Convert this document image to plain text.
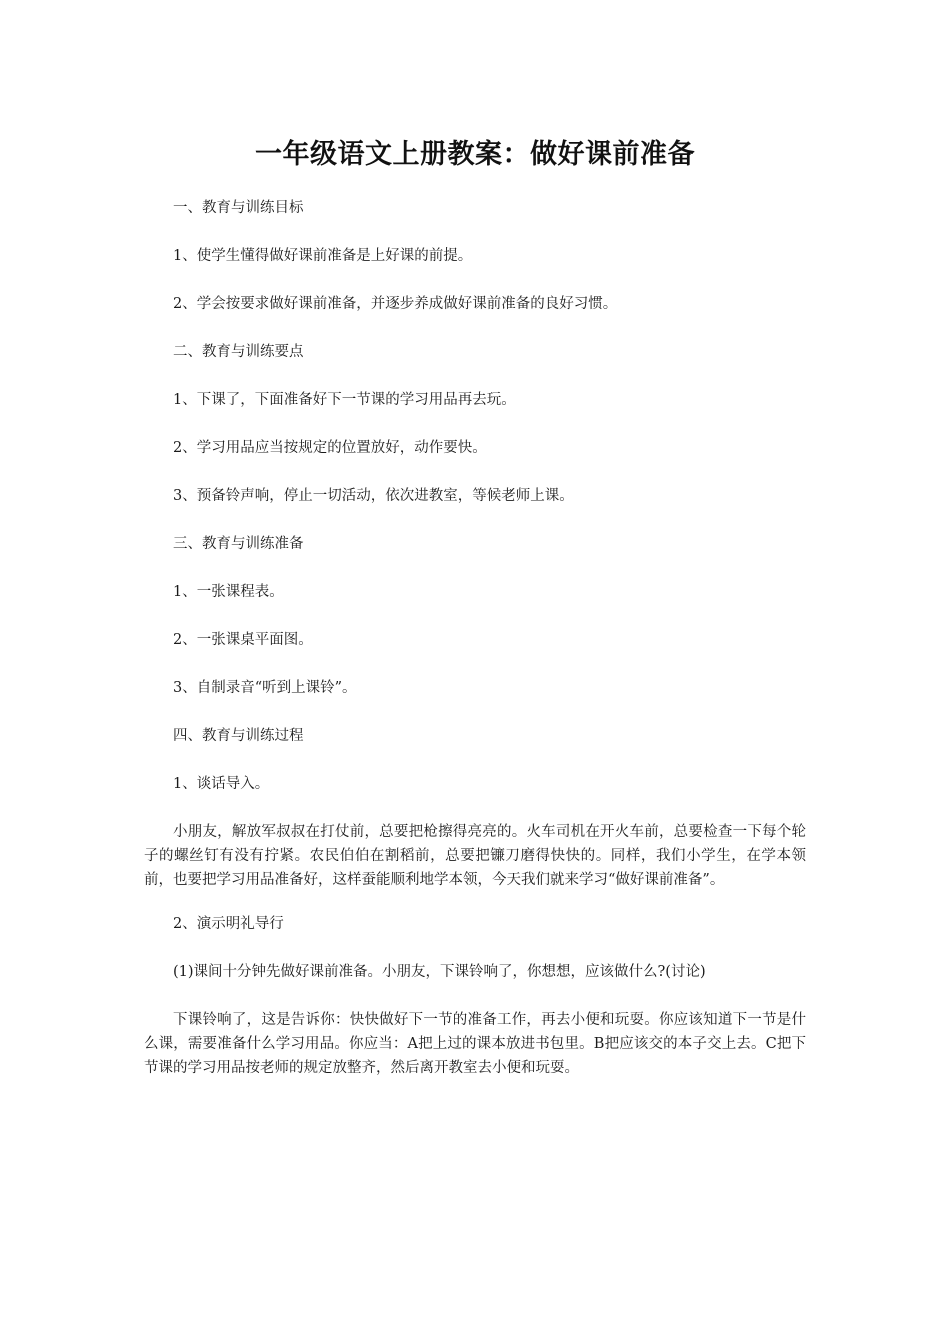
一年级语文上册教案：做好课前准备

一、教育与训练目标

1、使学生懂得做好课前准备是上好课的前提。

2、学会按要求做好课前准备，并逐步养成做好课前准备的良好习惯。

二、教育与训练要点

1、下课了，下面准备好下一节课的学习用品再去玩。

2、学习用品应当按规定的位置放好，动作要快。

3、预备铃声响，停止一切活动，依次进教室，等候老师上课。

三、教育与训练准备

1、一张课程表。

2、一张课桌平面图。

3、自制录音“听到上课铃”。

四、教育与训练过程

1、谈话导入。

小朋友，解放军叔叔在打仗前，总要把枪擦得亮亮的。火车司机在开火车前，总要检查一下每个轮子的螺丝钉有没有拧紧。农民伯伯在割稻前，总要把镰刀磨得快快的。同样，我们小学生，在学本领前，也要把学习用品准备好，这样蚕能顺利地学本领，今天我们就来学习“做好课前准备”。

2、演示明礼导行

(1)课间十分钟先做好课前准备。小朋友，下课铃响了，你想想，应该做什么?(讨论)

下课铃响了，这是告诉你：快快做好下一节的准备工作，再去小便和玩耍。你应该知道下一节是什么课，需要准备什么学习用品。你应当：A把上过的课本放进书包里。B把应该交的本子交上去。C把下节课的学习用品按老师的规定放整齐，然后离开教室去小便和玩耍。
